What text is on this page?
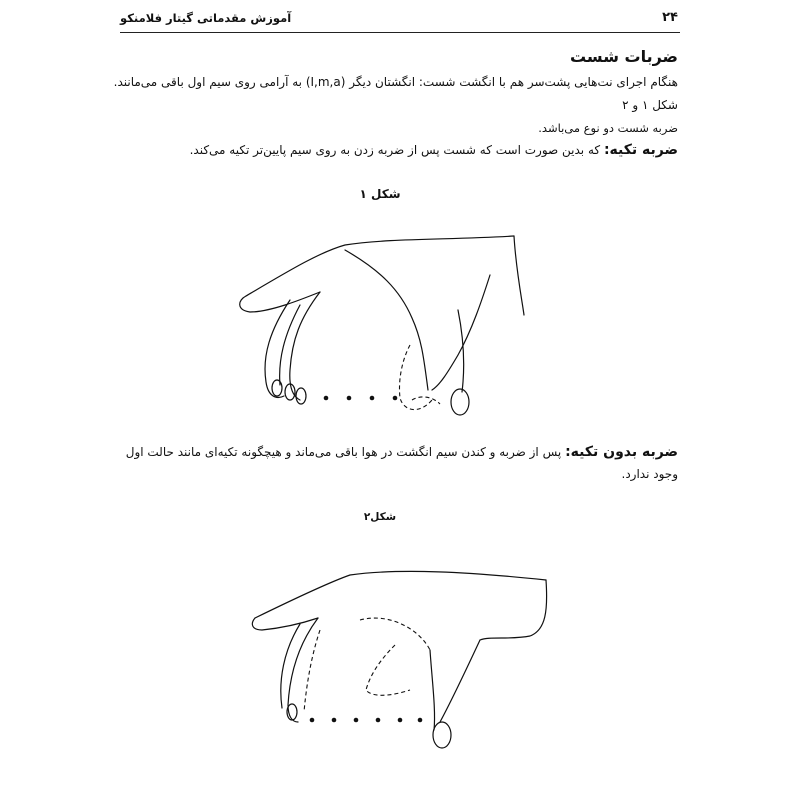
آموزش مقدماتی گیتار فلامنکو	۲۴
ضربات شست
هنگام اجرای نت‌هایی پشت‌سر هم با انگشت شست: انگشتان دیگر (I,m,a) به آرامی روی سیم اول باقی می‌مانند.
شکل ۱ و ۲
ضربه شست دو نوع می‌باشد.
ضربه تکیه: که بدین صورت است که شست پس از ضربه زدن به روی سیم پایین‌تر تکیه می‌کند.
شکل ۱
ضربه بدون تکیه: پس از ضربه و کندن سیم انگشت در هوا باقی می‌ماند و هیچگونه تکیه‌ای مانند حالت اول وجود ندارد.
شکل۲
